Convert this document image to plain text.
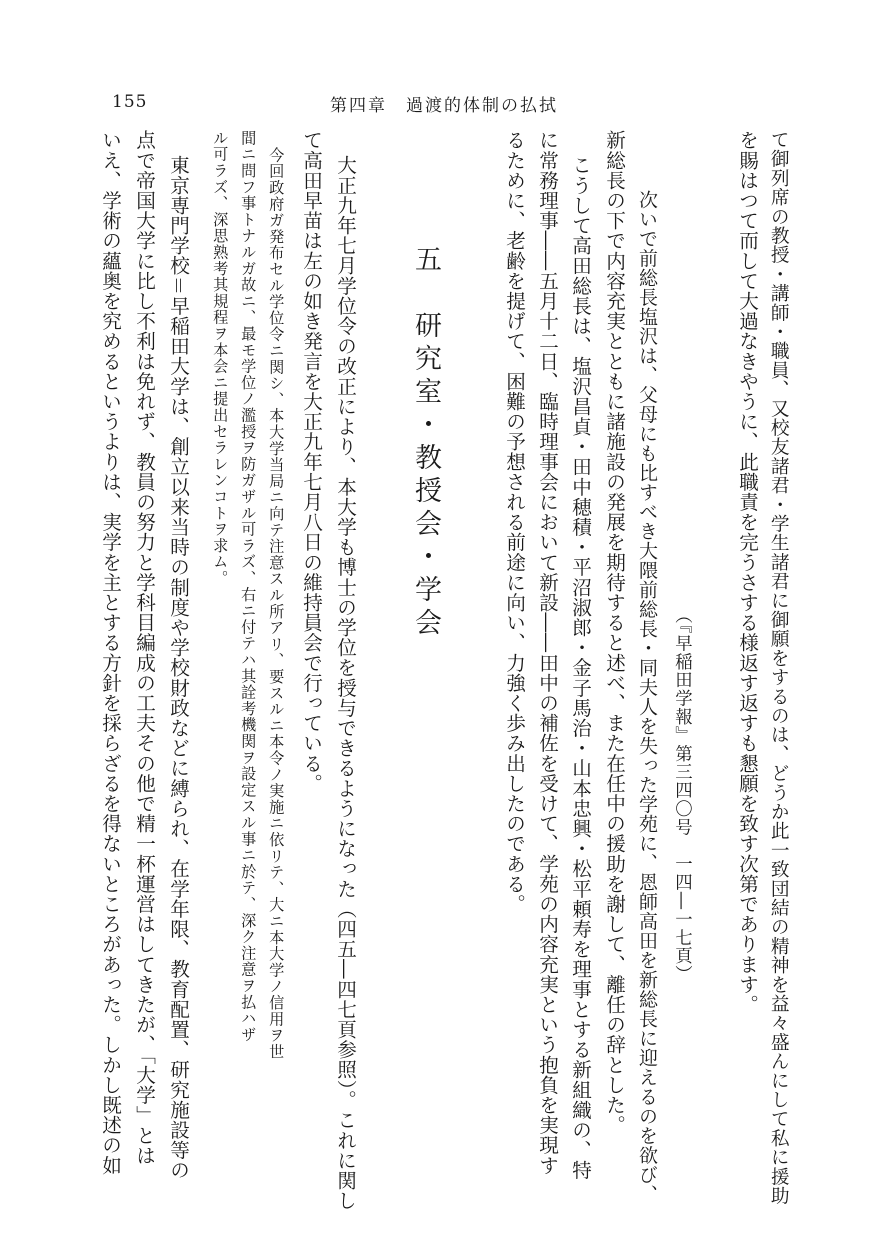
155	第四章　過渡的体制の払拭
て御列席の教授・講師・職員、又校友諸君・学生諸君に御願をするのは、どうか此一致団結の精神を益々盛んにして私に援助
を賜はつて而して大過なきやうに、此職責を完うさする様返す返すも懇願を致す次第であります。
（『早稲田学報』第三四〇号　一四―一七頁）
次いで前総長塩沢は、父母にも比すべき大隈前総長・同夫人を失った学苑に、恩師高田を新総長に迎えるのを欲び、
新総長の下で内容充実とともに諸施設の発展を期待すると述べ、また在任中の援助を謝して、離任の辞とした。
こうして高田総長は、塩沢昌貞・田中穂積・平沼淑郎・金子馬治・山本忠興・松平頼寿を理事とする新組織の、特
に常務理事――五月十二日、臨時理事会において新設――田中の補佐を受けて、学苑の内容充実という抱負を実現す
るために、老齢を提げて、困難の予想される前途に向い、力強く歩み出したのである。
五　研究室・教授会・学会
大正九年七月学位令の改正により、本大学も博士の学位を授与できるようになった（四五―四七頁参照）。これに関し
て高田早苗は左の如き発言を大正九年七月八日の維持員会で行っている。
今回政府ガ発布セル学位令ニ関シ、本大学当局ニ向テ注意スル所アリ、要スルニ本令ノ実施ニ依リテ、大ニ本大学ノ信用ヲ世
間ニ問フ事トナルガ故ニ、最モ学位ノ濫授ヲ防ガザル可ラズ、右ニ付テハ其詮考機関ヲ設定スル事ニ於テ、深ク注意ヲ払ハザ
ル可ラズ、深思熟考其規程ヲ本会ニ提出セラレンコトヲ求ム。
東京専門学校＝早稲田大学は、創立以来当時の制度や学校財政などに縛られ、在学年限、教育配置、研究施設等の
点で帝国大学に比し不利は免れず、教員の努力と学科目編成の工夫その他で精一杯運営はしてきたが、「大学」とは
いえ、学術の蘊奥を究めるというよりは、実学を主とする方針を採らざるを得ないところがあった。しかし既述の如
